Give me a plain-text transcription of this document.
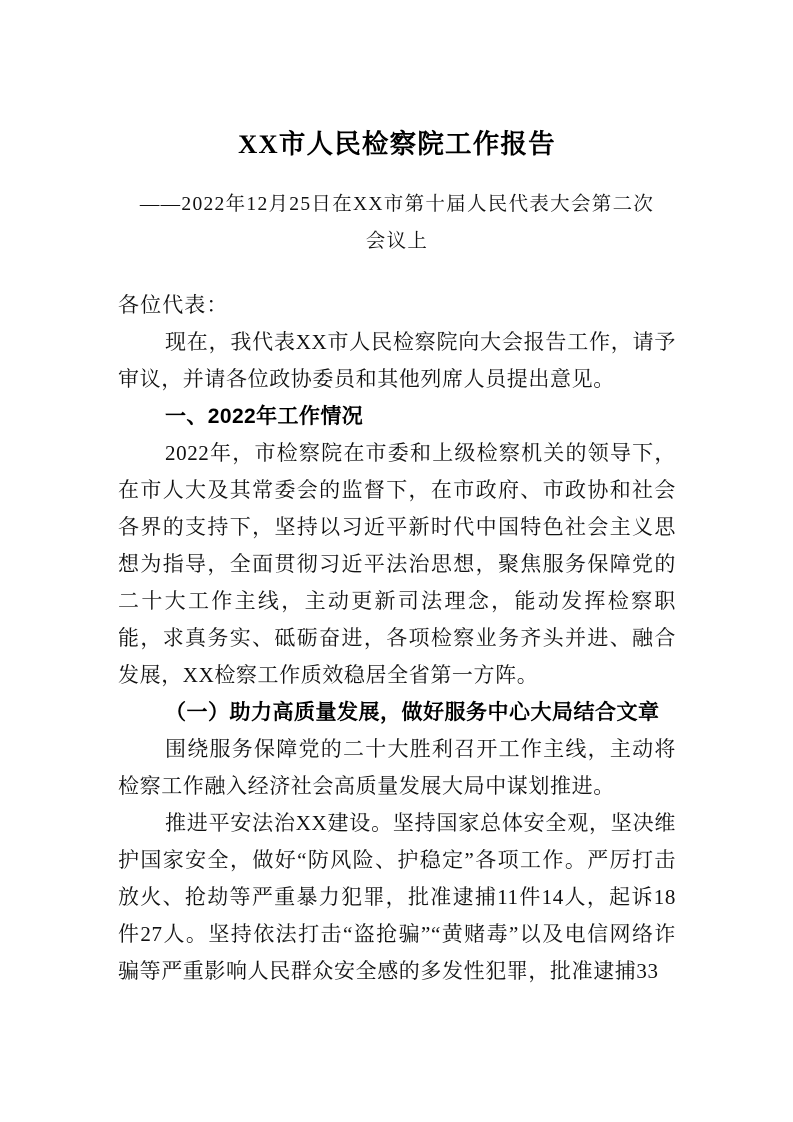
XX市人民检察院工作报告
——2022年12月25日在XX市第十届人民代表大会第二次
会议上

各位代表：

现在，我代表XX市人民检察院向大会报告工作，请予审议，并请各位政协委员和其他列席人员提出意见。

一、2022年工作情况

2022年，市检察院在市委和上级检察机关的领导下，在市人大及其常委会的监督下，在市政府、市政协和社会各界的支持下，坚持以习近平新时代中国特色社会主义思想为指导，全面贯彻习近平法治思想，聚焦服务保障党的二十大工作主线，主动更新司法理念，能动发挥检察职能，求真务实、砥砺奋进，各项检察业务齐头并进、融合发展，XX检察工作质效稳居全省第一方阵。

（一）助力高质量发展，做好服务中心大局结合文章

围绕服务保障党的二十大胜利召开工作主线，主动将检察工作融入经济社会高质量发展大局中谋划推进。

推进平安法治XX建设。坚持国家总体安全观，坚决维护国家安全，做好“防风险、护稳定”各项工作。严厉打击放火、抢劫等严重暴力犯罪，批准逮捕11件14人，起诉18件27人。坚持依法打击“盗抢骗”“黄赌毒”以及电信网络诈骗等严重影响人民群众安全感的多发性犯罪，批准逮捕33
